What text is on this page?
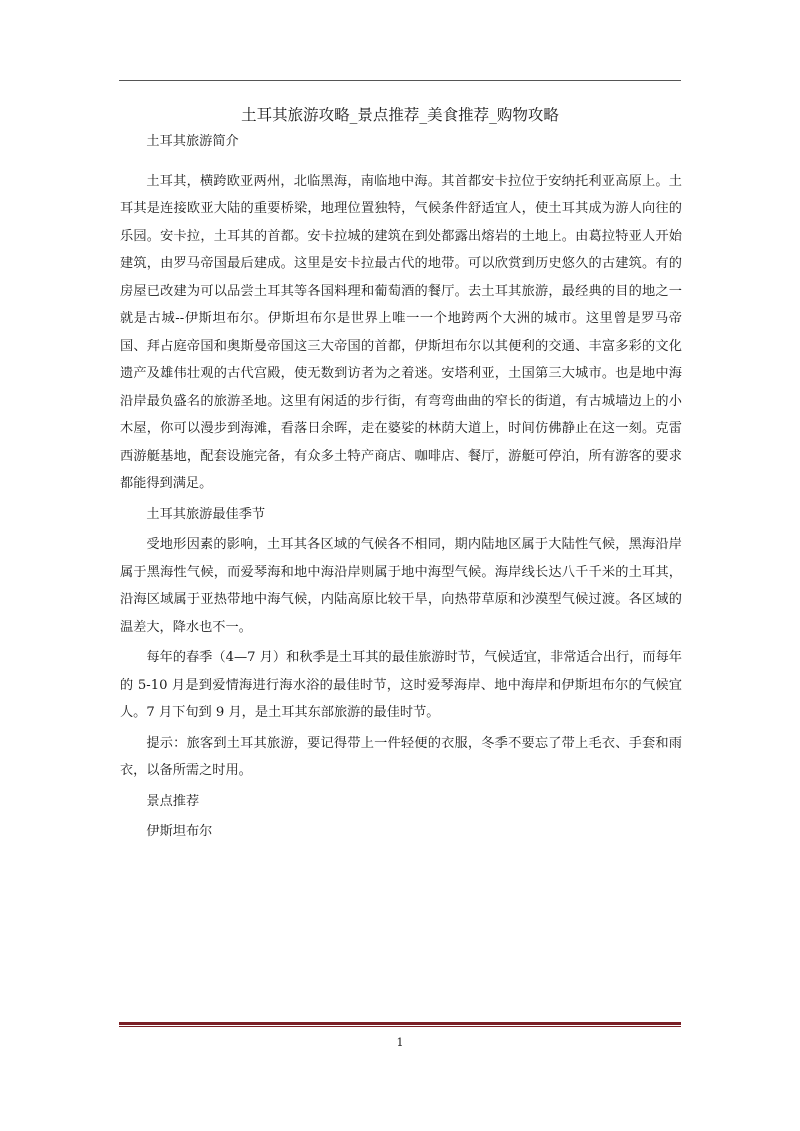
土耳其旅游攻略_景点推荐_美食推荐_购物攻略

土耳其旅游简介

土耳其，横跨欧亚两州，北临黑海，南临地中海。其首都安卡拉位于安纳托利亚高原上。土耳其是连接欧亚大陆的重要桥梁，地理位置独特，气候条件舒适宜人，使土耳其成为游人向往的乐园。安卡拉，土耳其的首都。安卡拉城的建筑在到处都露出熔岩的土地上。由葛拉特亚人开始建筑，由罗马帝国最后建成。这里是安卡拉最古代的地带。可以欣赏到历史悠久的古建筑。有的房屋已改建为可以品尝土耳其等各国料理和葡萄酒的餐厅。去土耳其旅游，最经典的目的地之一就是古城--伊斯坦布尔。伊斯坦布尔是世界上唯一一个地跨两个大洲的城市。这里曾是罗马帝国、拜占庭帝国和奥斯曼帝国这三大帝国的首都，伊斯坦布尔以其便利的交通、丰富多彩的文化遗产及雄伟壮观的古代宫殿，使无数到访者为之着迷。安塔利亚，土国第三大城市。也是地中海沿岸最负盛名的旅游圣地。这里有闲适的步行街，有弯弯曲曲的窄长的街道，有古城墙边上的小木屋，你可以漫步到海滩，看落日余晖，走在婆娑的林荫大道上，时间仿佛静止在这一刻。克雷西游艇基地，配套设施完备，有众多土特产商店、咖啡店、餐厅，游艇可停泊，所有游客的要求都能得到满足。

土耳其旅游最佳季节

受地形因素的影响，土耳其各区域的气候各不相同，期内陆地区属于大陆性气候，黑海沿岸属于黑海性气候，而爱琴海和地中海沿岸则属于地中海型气候。海岸线长达八千千米的土耳其，沿海区域属于亚热带地中海气候，内陆高原比较干旱，向热带草原和沙漠型气候过渡。各区域的温差大，降水也不一。

每年的春季（4—7 月）和秋季是土耳其的最佳旅游时节，气候适宜，非常适合出行，而每年的 5-10 月是到爱情海进行海水浴的最佳时节，这时爱琴海岸、地中海岸和伊斯坦布尔的气候宜人。7 月下旬到 9 月，是土耳其东部旅游的最佳时节。

提示：旅客到土耳其旅游，要记得带上一件轻便的衣服，冬季不要忘了带上毛衣、手套和雨衣，以备所需之时用。

景点推荐

伊斯坦布尔

1
